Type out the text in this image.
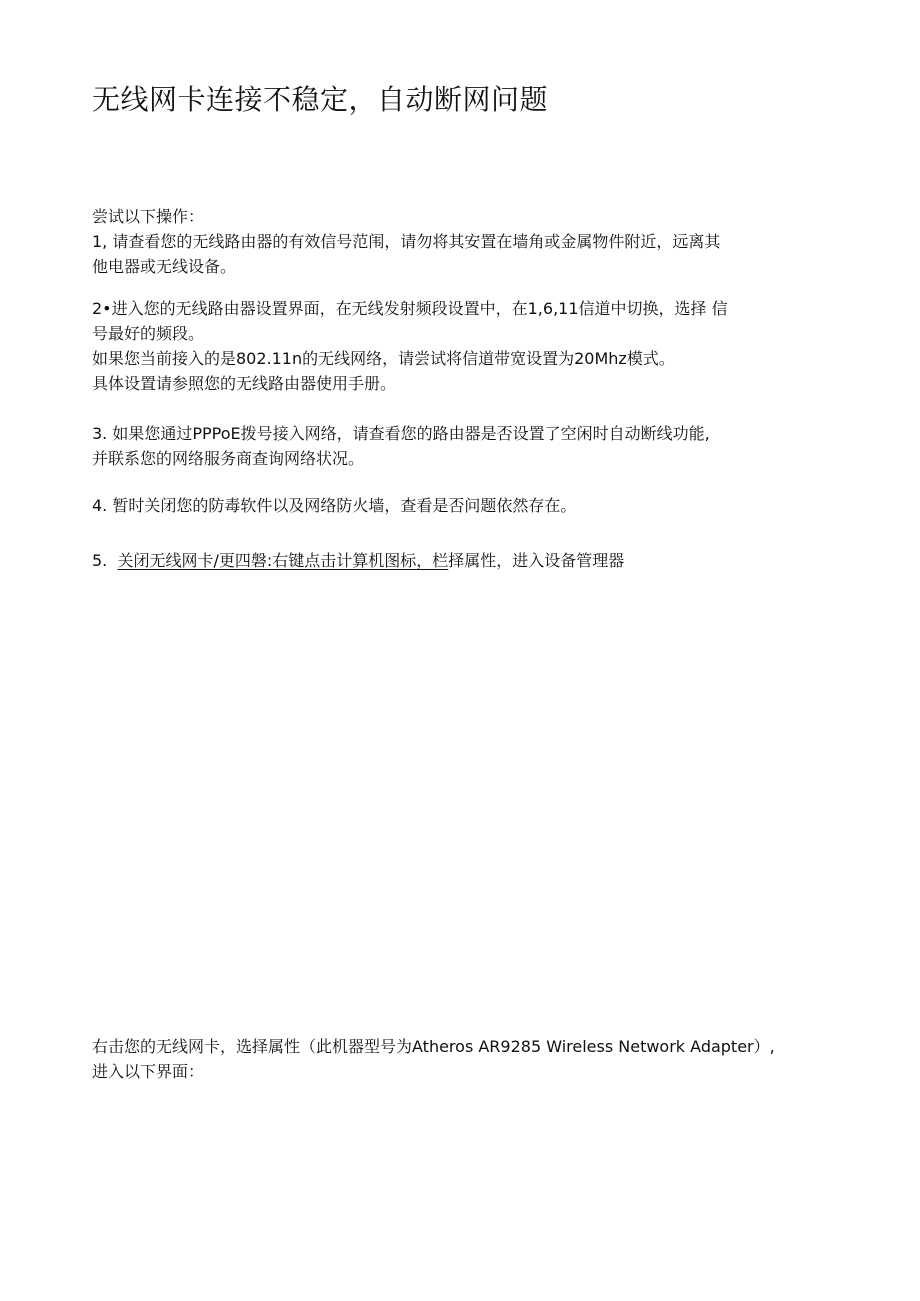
无线网卡连接不稳定，自动断网问题

尝试以下操作：

1, 请查看您的无线路由器的有效信号范闱，请勿将其安置在墙角或金属物件附近，远离其

他电器或无线设备。

2•进入您的无线路由器设置界面，在无线发射频段设置中，在1,6,11信道中切换，选择 信

号最好的频段。

如果您当前接入的是802.11n的无线网络，请尝试将信道带宽设置为20Mhz模式。

具体设置请参照您的无线路由器使用手册。

3. 如果您通过PPPoE拨号接入网络，请查看您的路由器是否设置了空闲时自动断线功能,

并联系您的网络服务商查询网络状况。

4. 暂时关闭您的防毒软件以及网络防火墙，查看是否问题依然存在。

5.  关闭无线网卡/更四磐:右键点击计算机图标，栏择属性，进入设备管理器

右击您的无线网卡，选择属性（此机器型号为Atheros AR9285 Wireless Network Adapter）,

进入以下界面：
